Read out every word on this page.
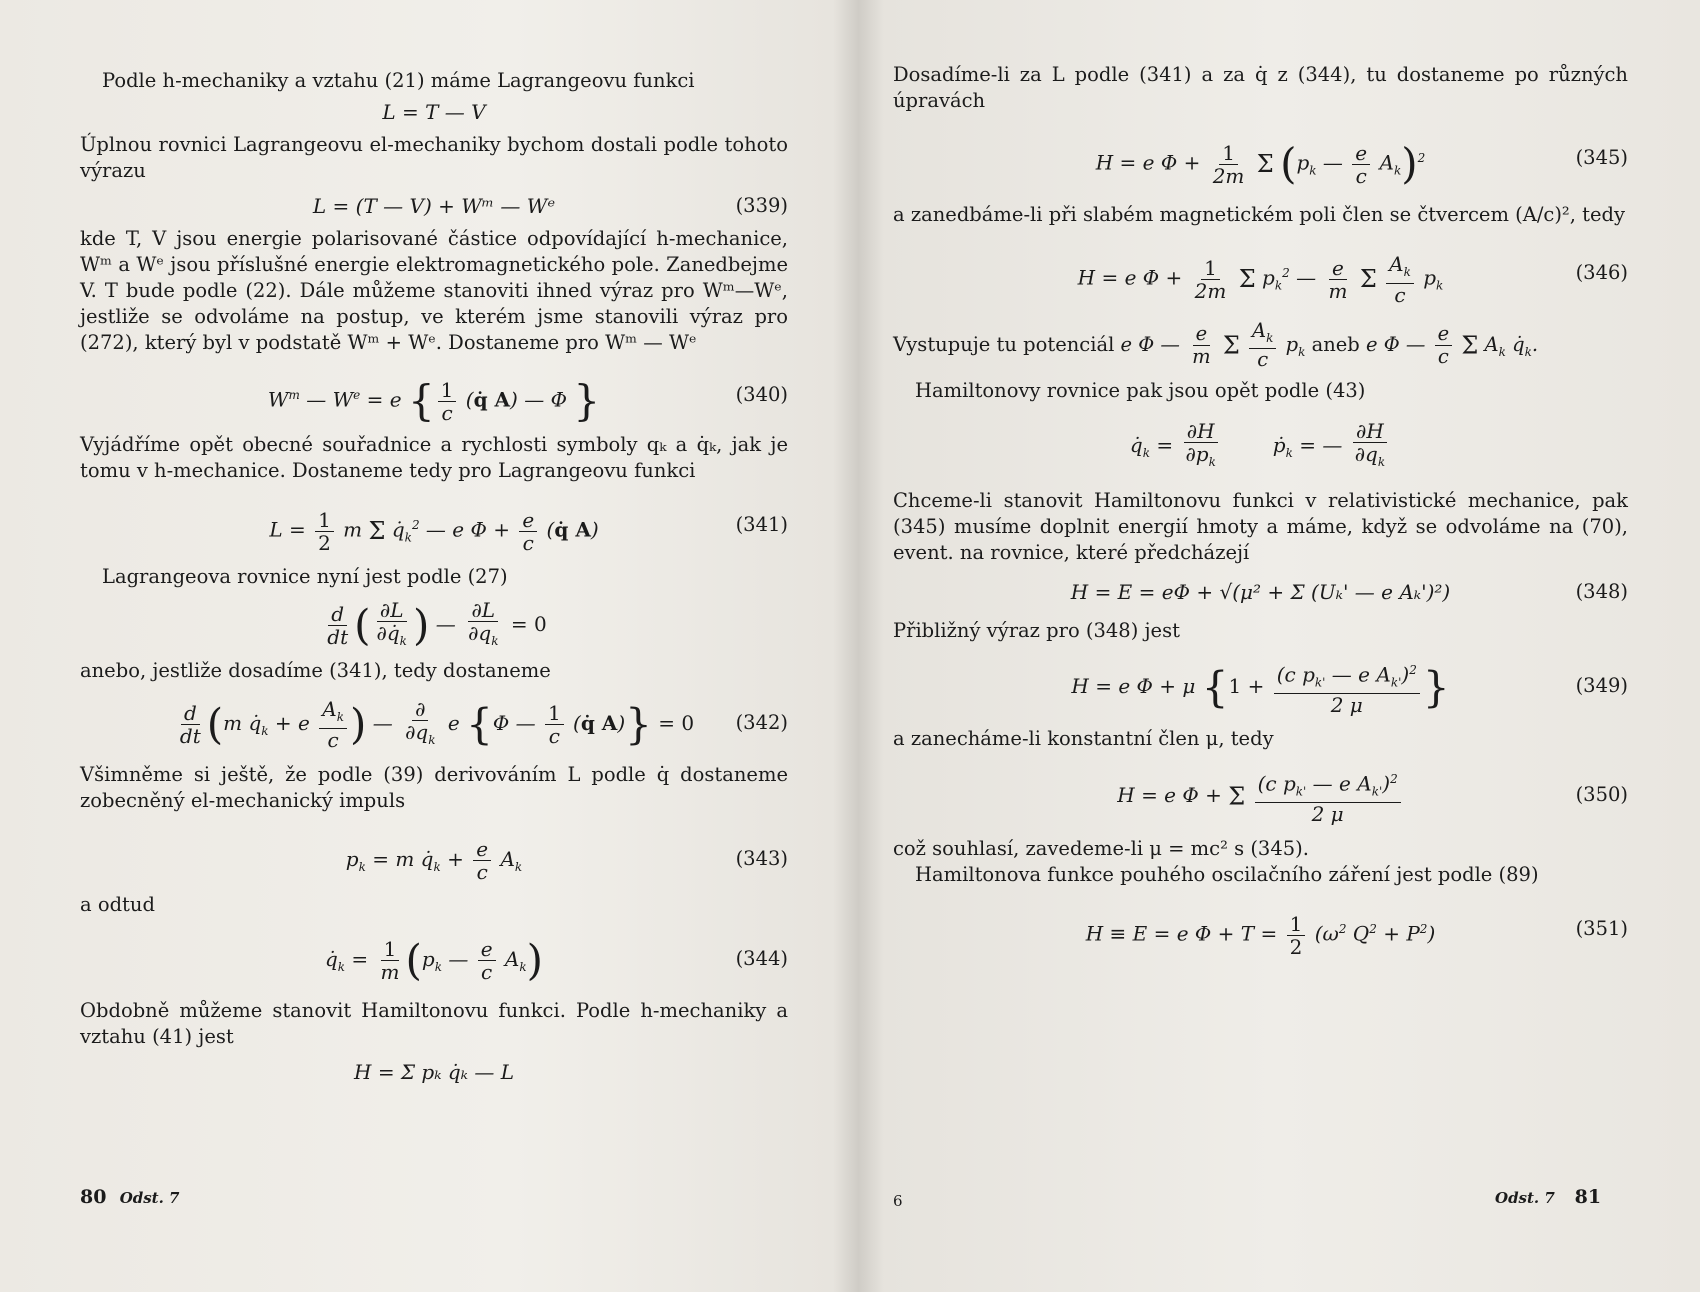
Podle h-mechaniky a vztahu (21) máme Lagrangeovu funkci

L = T — V

Úplnou rovnici Lagrangeovu el-mechaniky bychom dostali podle tohoto výrazu

L = (T — V) + Wᵐ — Wᵉ	(339)

kde T, V jsou energie polarisované částice odpovídající h-mechanice, Wᵐ a Wᵉ jsou příslušné energie elektromagnetického pole. Zanedbejme V. T bude podle (22). Dále můžeme stanoviti ihned výraz pro Wᵐ—Wᵉ, jestliže se odvoláme na postup, ve kterém jsme stanovili výraz pro (272), který byl v podstatě Wᵐ + Wᵉ. Dostaneme pro Wᵐ — Wᵉ

$W^m$ — $W^e = e$ { $\frac{1}{c}$ (q̇ A) — Φ }	(340)

Vyjádříme opět obecné souřadnice a rychlosti symboly qₖ a q̇ₖ, jak je tomu v h-mechanice. Dostaneme tedy pro Lagrangeovu funkci

$L = \frac{1}{2}$ m Σ $q̇_k^2$ — e $\Phi + \frac{e}{c}$ (q̇ A)	(341)

Lagrangeova rovnice nyní jest podle (27)

$\frac{d}{dt}$ ( $\frac{\partial L}{\partial q̇_k}$ ) — $\frac{\partial L}{\partial q_k} = 0$

anebo, jestliže dosadíme (341), tedy dostaneme

$\frac{d}{dt} (m$ $q̇_k + e \frac{A_k}{c}$ ) — $\frac{\partial}{\partial q_k}$ e {Φ — $\frac{1}{c}$ (q̇ A)} = 0 (342)

Všimněme si ještě, že podle (39) derivováním L podle q̇ dostaneme zobecněný el-mechanický impuls

$p_k = m$ $q̇_k + \frac{e}{c} A_k$	(343)

a odtud

$q̇_k = \frac{1}{m} (p_k$ — $\frac{e}{c} A_k$)	(344)

Obdobně můžeme stanovit Hamiltonovu funkci. Podle h-mechaniky a vztahu (41) jest

H = Σ pₖ q̇ₖ — L
80 Odst. 7

Dosadíme-li za L podle (341) a za q̇ z (344), tu dostaneme po různých úpravách

H = e $\Phi + \frac{1}{2m}$ Σ ($p_k$ — $\frac{e}{c} A_k)^2$	(345)

a zanedbáme-li při slabém magnetickém poli člen se čtvercem (A/c)², tedy

H = e $\Phi + \frac{1}{2m}$ Σ $p_k^2$ — $\frac{e}{m}$ Σ $\frac{A_k}{c} p_k$
(346)
Vystupuje tu potenciál e Φ — $\frac{e}{m}$ Σ $\frac{A_k}{c} p_k$ aneb e Φ — $\frac{e}{c}$ Σ $A_k$ $q̇_k$.

Hamiltonovy rovnice pak jsou opět podle (43)

$q̇_k = \frac{\partial H}{\partial p_k}$ ṗ$_k$ = — $\frac{\partial H}{\partial q_k}$

Chceme-li stanovit Hamiltonovu funkci v relativistické mechanice, pak (345) musíme doplnit energií hmoty a máme, když se odvoláme na (70), event. na rovnice, které předcházejí

H = E = eΦ + √(μ² + Σ (Uₖ' — e Aₖ')²)	(348)

Přibližný výraz pro (348) jest

H = e Φ + μ {$1 + \frac{(c p_{k'} — e A_{k'})^2}{2 \mu}$ }	(349)

a zanecháme-li konstantní člen μ, tedy

H = e Φ + Σ $\frac{(c p_{k'} — e A_{k'})^2}{2 \mu}$	(350)

což souhlasí, zavedeme-li μ = mc² s (345).

Hamiltonova funkce pouhého oscilačního záření jest podle (89)

H ≡ E = e $\Phi + T = \frac{1}{2} (\omega^2$ $Q^2 + P^2$)	(351)
6	Odst. 7 81
